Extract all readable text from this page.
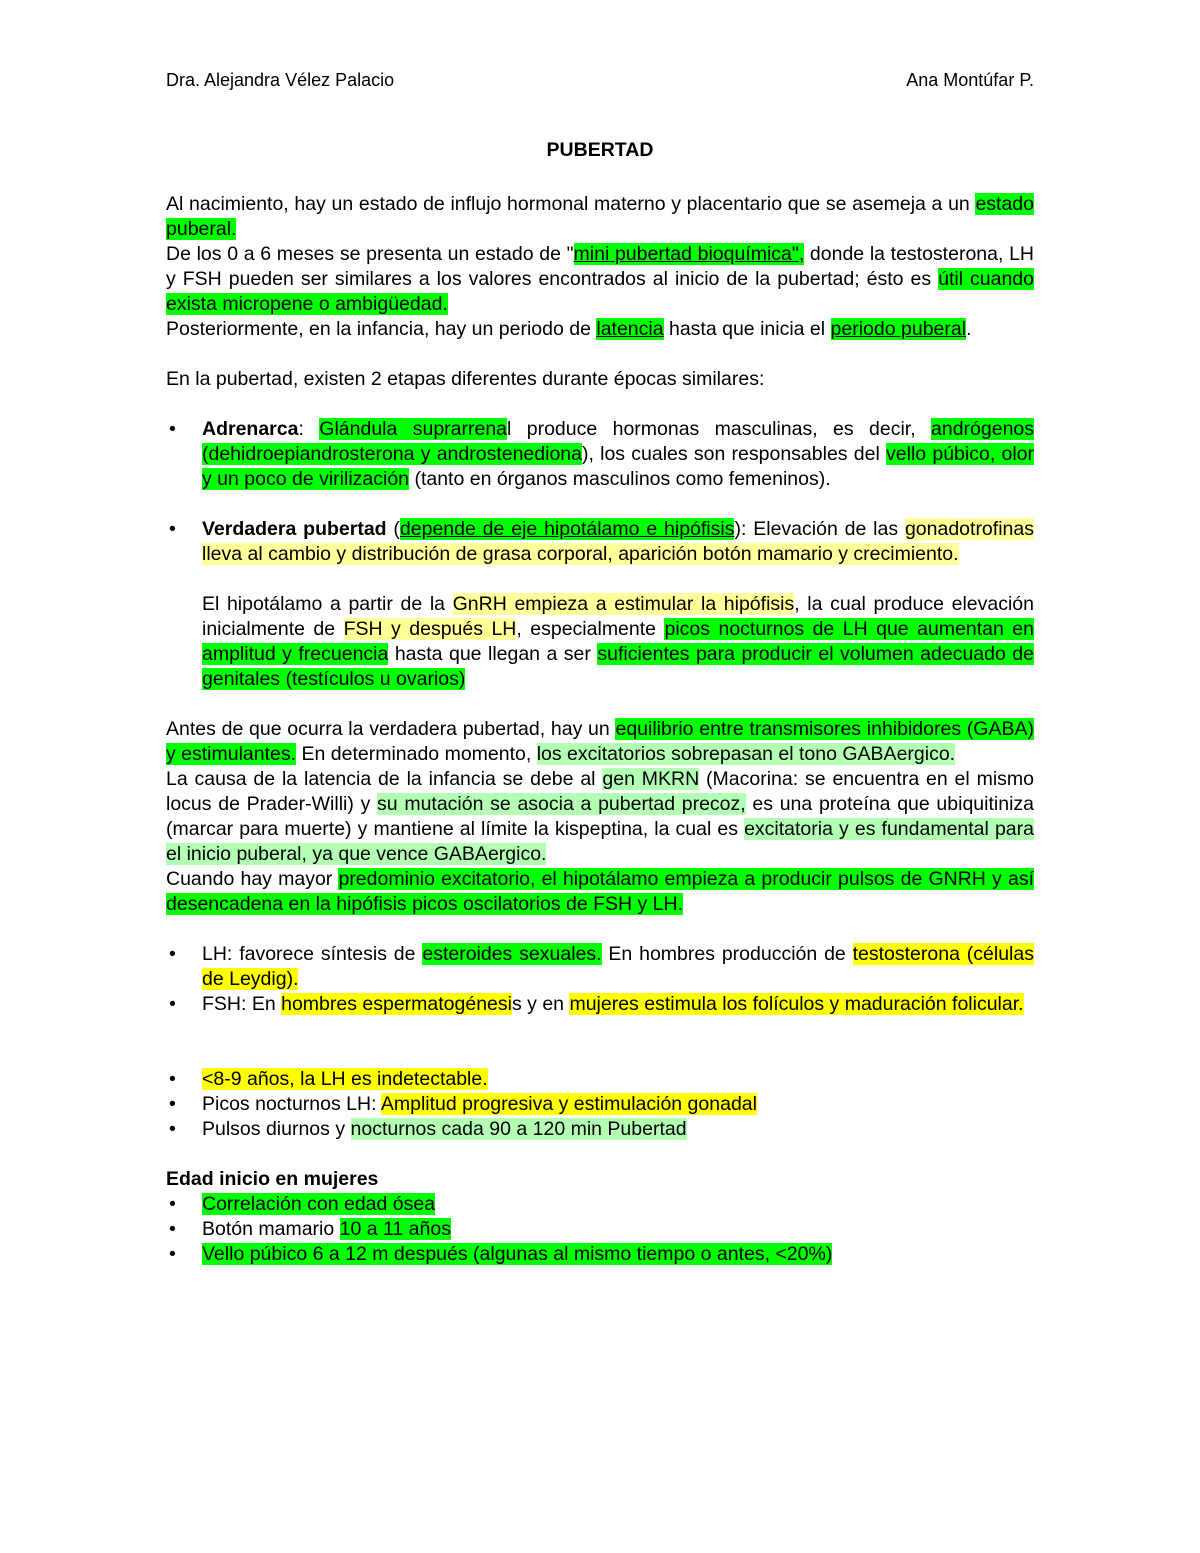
Dra. Alejandra Vélez Palacio	Ana Montúfar P.
PUBERTAD

Al nacimiento, hay un estado de influjo hormonal materno y placentario que se asemeja a un estado puberal.

De los 0 a 6 meses se presenta un estado de "mini pubertad bioquímica", donde la testosterona, LH y FSH pueden ser similares a los valores encontrados al inicio de la pubertad; ésto es útil cuando exista micropene o ambigüedad.

Posteriormente, en la infancia, hay un periodo de latencia hasta que inicia el periodo puberal.

En la pubertad, existen 2 etapas diferentes durante épocas similares:

• Adrenarca: Glándula suprarrenal produce hormonas masculinas, es decir, andrógenos (dehidroepiandrosterona y androstenediona), los cuales son responsables del vello púbico, olor y un poco de virilización (tanto en órganos masculinos como femeninos).
• Verdadera pubertad (depende de eje hipotálamo e hipófisis): Elevación de las gonadotrofinas lleva al cambio y distribución de grasa corporal, aparición botón mamario y crecimiento.

El hipotálamo a partir de la GnRH empieza a estimular la hipófisis, la cual produce elevación inicialmente de FSH y después LH, especialmente picos nocturnos de LH que aumentan en amplitud y frecuencia hasta que llegan a ser suficientes para producir el volumen adecuado de genitales (testículos u ovarios)

Antes de que ocurra la verdadera pubertad, hay un equilibrio entre transmisores inhibidores (GABA) y estimulantes. En determinado momento, los excitatorios sobrepasan el tono GABAergico.

La causa de la latencia de la infancia se debe al gen MKRN (Macorina: se encuentra en el mismo locus de Prader-Willi) y su mutación se asocia a pubertad precoz, es una proteína que ubiquitiniza (marcar para muerte) y mantiene al límite la kispeptina, la cual es excitatoria y es fundamental para el inicio puberal, ya que vence GABAergico.

Cuando hay mayor predominio excitatorio, el hipotálamo empieza a producir pulsos de GNRH y así desencadena en la hipófisis picos oscilatorios de FSH y LH.

• LH: favorece síntesis de esteroides sexuales. En hombres producción de testosterona (células de Leydig).
• FSH: En hombres espermatogénesis y en mujeres estimula los folículos y maduración folicular.
• <8-9 años, la LH es indetectable.
• Picos nocturnos LH: Amplitud progresiva y estimulación gonadal
• Pulsos diurnos y nocturnos cada 90 a 120 min Pubertad
Edad inicio en mujeres
• Correlación con edad ósea
• Botón mamario 10 a 11 años
• Vello púbico 6 a 12 m después (algunas al mismo tiempo o antes, <20%)
